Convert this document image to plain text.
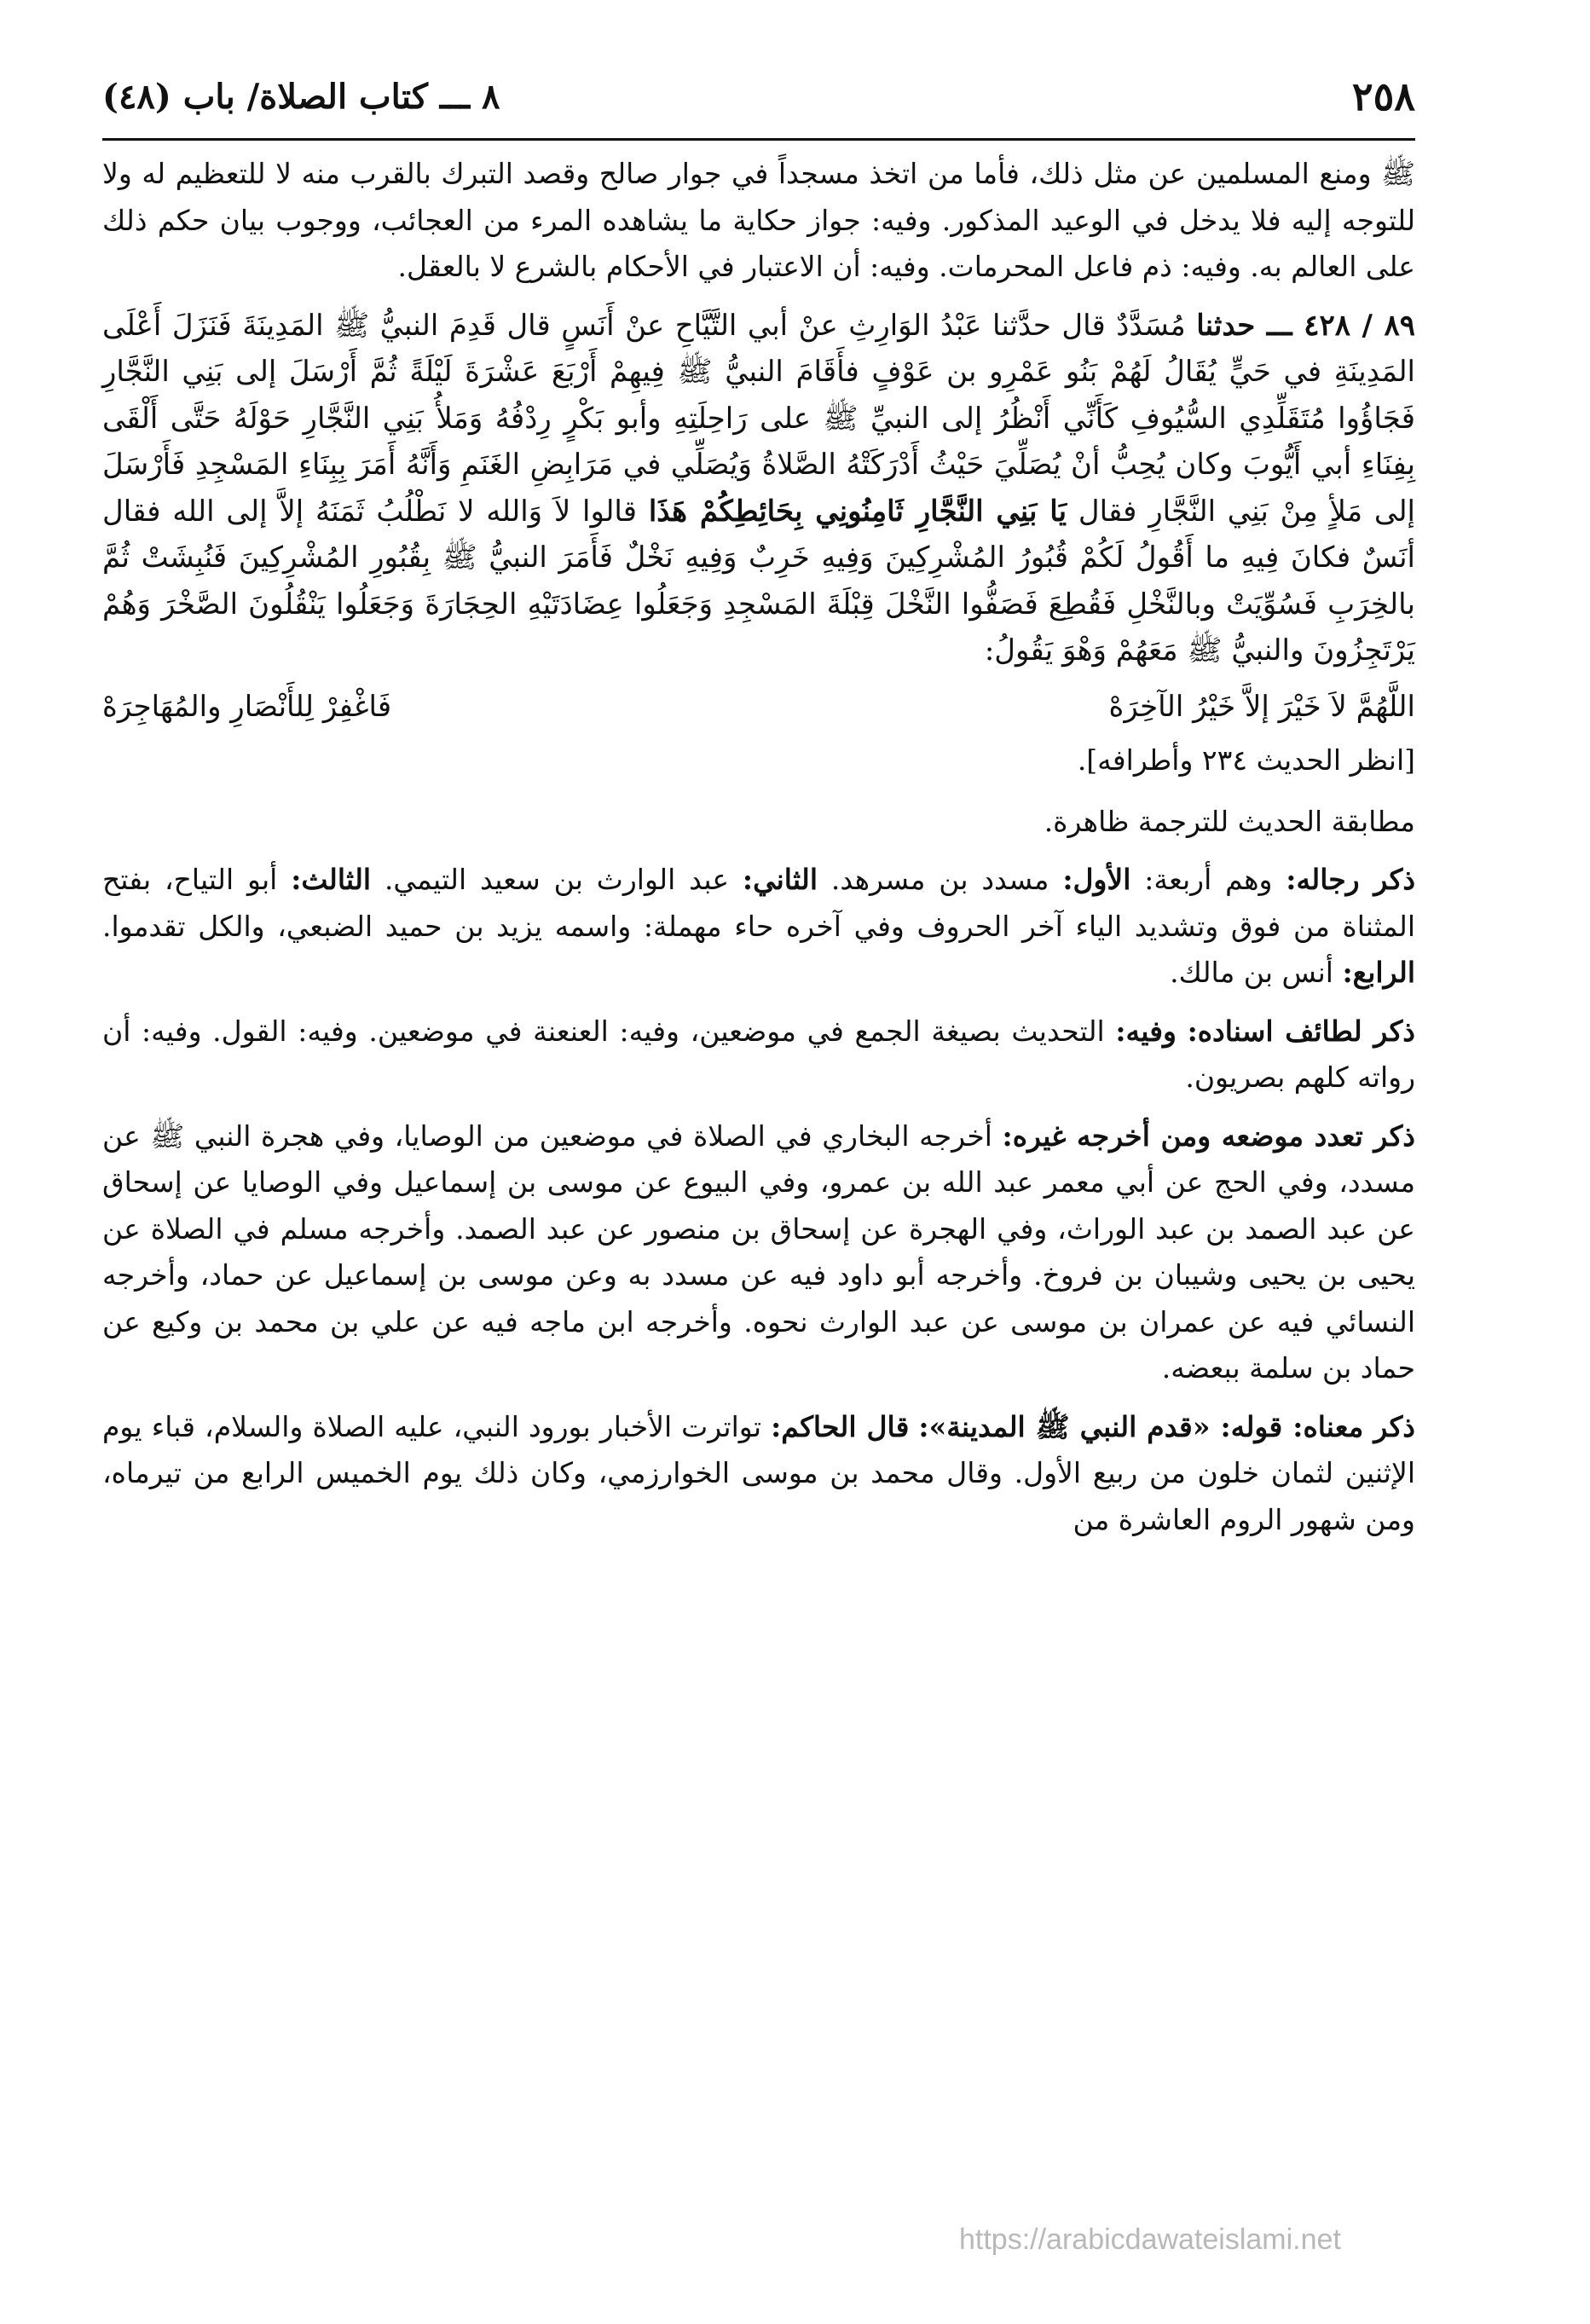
٢٥٨
٨ ـــ كتاب الصلاة/ باب (٤٨)

ﷺ ومنع المسلمين عن مثل ذلك، فأما من اتخذ مسجداً في جوار صالح وقصد التبرك بالقرب منه لا للتعظيم له ولا للتوجه إليه فلا يدخل في الوعيد المذكور. وفيه: جواز حكاية ما يشاهده المرء من العجائب، ووجوب بيان حكم ذلك على العالم به. وفيه: ذم فاعل المحرمات. وفيه: أن الاعتبار في الأحكام بالشرع لا بالعقل.

٨٩ / ٤٢٨ ـــ حدثنا مُسَدَّدٌ قال حدَّثنا عَبْدُ الوَارِثِ عنْ أبي التَّيَّاحِ عنْ أَنَسٍ قال قَدِمَ النبيُّ ﷺ المَدِينَةَ فَنَزَلَ أَعْلَى المَدِينَةِ في حَيٍّ يُقَالُ لَهُمْ بَنُو عَمْرِو بن عَوْفٍ فأَقَامَ النبيُّ ﷺ فِيهِمْ أَرْبَعَ عَشْرَةَ لَيْلَةً ثُمَّ أَرْسَلَ إلى بَنِي النَّجَّارِ فَجَاؤُوا مُتَقَلِّدِي السُّيُوفِ كَأَنِّي أَنْظُرُ إلى النبيِّ ﷺ على رَاحِلَتِهِ وأبو بَكْرٍ رِدْفُهُ وَمَلأُ بَنِي النَّجَّارِ حَوْلَهُ حَتَّى أَلْقَى بِفِنَاءِ أبي أَيُّوبَ وكان يُحِبُّ أنْ يُصَلِّيَ حَيْثُ أَدْرَكَتْهُ الصَّلاةُ وَيُصَلِّي في مَرَابِضِ الغَنَمِ وَأَنَّهُ أَمَرَ بِبِنَاءِ المَسْجِدِ فَأَرْسَلَ إلى مَلأٍ مِنْ بَنِي النَّجَّارِ فقال يَا بَنِي النَّجَّارِ ثَامِنُونِي بِحَائِطِكُمْ هَذَا قالوا لاَ وَالله لا نَطْلُبُ ثَمَنَهُ إلاَّ إلى الله فقال أنَسٌ فكانَ فِيهِ ما أَقُولُ لَكُمْ قُبُورُ المُشْرِكِينَ وَفِيهِ خَرِبٌ وَفِيهِ نَخْلٌ فَأَمَرَ النبيُّ ﷺ بِقُبُورِ المُشْرِكِينَ فَنُبِشَتْ ثُمَّ بالخِرَبِ فَسُوِّيَتْ وبالنَّخْلِ فَقُطِعَ فَصَفُّوا النَّخْلَ قِبْلَةَ المَسْجِدِ وَجَعَلُوا عِضَادَتَيْهِ الحِجَارَةَ وَجَعَلُوا يَنْقُلُونَ الصَّخْرَ وَهُمْ يَرْتَجِزُونَ والنبيُّ ﷺ مَعَهُمْ وَهْوَ يَقُولُ:

اللَّهُمَّ لاَ خَيْرَ إلاَّ خَيْرُ الآخِرَهْ
فَاغْفِرْ لِلأَنْصَارِ والمُهَاجِرَهْ
[انظر الحديث ٢٣٤ وأطرافه].

مطابقة الحديث للترجمة ظاهرة.

ذكر رجاله: وهم أربعة: الأول: مسدد بن مسرهد. الثاني: عبد الوارث بن سعيد التيمي. الثالث: أبو التياح، بفتح المثناة من فوق وتشديد الياء آخر الحروف وفي آخره حاء مهملة: واسمه يزيد بن حميد الضبعي، والكل تقدموا. الرابع: أنس بن مالك.

ذكر لطائف اسناده: وفيه: التحديث بصيغة الجمع في موضعين، وفيه: العنعنة في موضعين. وفيه: القول. وفيه: أن رواته كلهم بصريون.

ذكر تعدد موضعه ومن أخرجه غيره: أخرجه البخاري في الصلاة في موضعين من الوصايا، وفي هجرة النبي ﷺ عن مسدد، وفي الحج عن أبي معمر عبد الله بن عمرو، وفي البيوع عن موسى بن إسماعيل وفي الوصايا عن إسحاق عن عبد الصمد بن عبد الوراث، وفي الهجرة عن إسحاق بن منصور عن عبد الصمد. وأخرجه مسلم في الصلاة عن يحيى بن يحيى وشيبان بن فروخ. وأخرجه أبو داود فيه عن مسدد به وعن موسى بن إسماعيل عن حماد، وأخرجه النسائي فيه عن عمران بن موسى عن عبد الوارث نحوه. وأخرجه ابن ماجه فيه عن علي بن محمد بن وكيع عن حماد بن سلمة ببعضه.

ذكر معناه: قوله: «قدم النبي ﷺ المدينة»: قال الحاكم: تواترت الأخبار بورود النبي، عليه الصلاة والسلام، قباء يوم الإثنين لثمان خلون من ربيع الأول. وقال محمد بن موسى الخوارزمي، وكان ذلك يوم الخميس الرابع من تيرماه، ومن شهور الروم العاشرة من

https://arabicdawateislami.net
